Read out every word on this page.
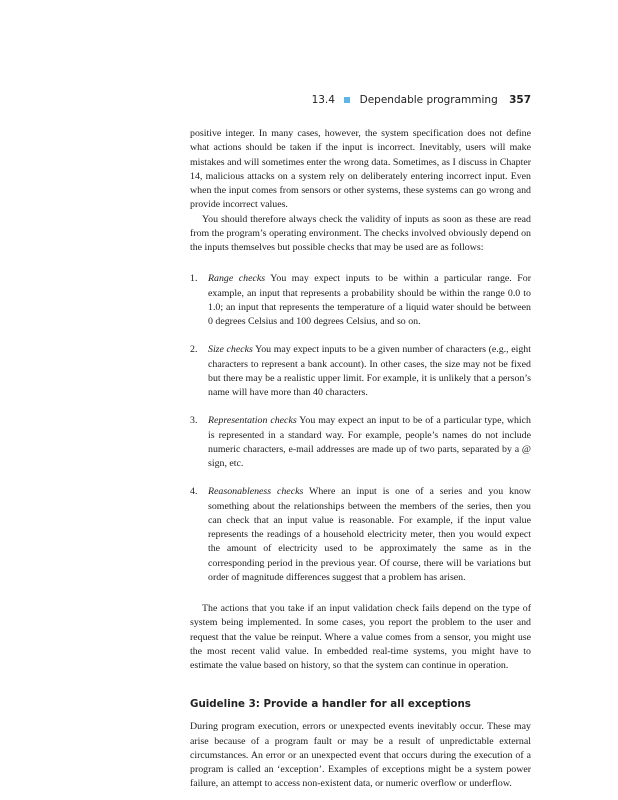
13.4 Dependable programming 357

positive integer. In many cases, however, the system specification does not define what actions should be taken if the input is incorrect. Inevitably, users will make mistakes and will sometimes enter the wrong data. Sometimes, as I discuss in Chapter 14, malicious attacks on a system rely on deliberately entering incorrect input. Even when the input comes from sensors or other systems, these systems can go wrong and provide incorrect values.

You should therefore always check the validity of inputs as soon as these are read from the program’s operating environment. The checks involved obviously depend on the inputs themselves but possible checks that may be used are as follows:

1. Range checks You may expect inputs to be within a particular range. For example, an input that represents a probability should be within the range 0.0 to 1.0; an input that represents the temperature of a liquid water should be between 0 degrees Celsius and 100 degrees Celsius, and so on.
2. Size checks You may expect inputs to be a given number of characters (e.g., eight characters to represent a bank account). In other cases, the size may not be fixed but there may be a realistic upper limit. For example, it is unlikely that a person’s name will have more than 40 characters.
3. Representation checks You may expect an input to be of a particular type, which is represented in a standard way. For example, people’s names do not include numeric characters, e-mail addresses are made up of two parts, separated by a @ sign, etc.
4. Reasonableness checks Where an input is one of a series and you know something about the relationships between the members of the series, then you can check that an input value is reasonable. For example, if the input value represents the readings of a household electricity meter, then you would expect the amount of electricity used to be approximately the same as in the corresponding period in the previous year. Of course, there will be variations but order of magnitude differences suggest that a problem has arisen.

The actions that you take if an input validation check fails depend on the type of system being implemented. In some cases, you report the problem to the user and request that the value be reinput. Where a value comes from a sensor, you might use the most recent valid value. In embedded real-time systems, you might have to estimate the value based on history, so that the system can continue in operation.

Guideline 3: Provide a handler for all exceptions

During program execution, errors or unexpected events inevitably occur. These may arise because of a program fault or may be a result of unpredictable external circumstances. An error or an unexpected event that occurs during the execution of a program is called an ‘exception’. Examples of exceptions might be a system power failure, an attempt to access non-existent data, or numeric overflow or underflow.
